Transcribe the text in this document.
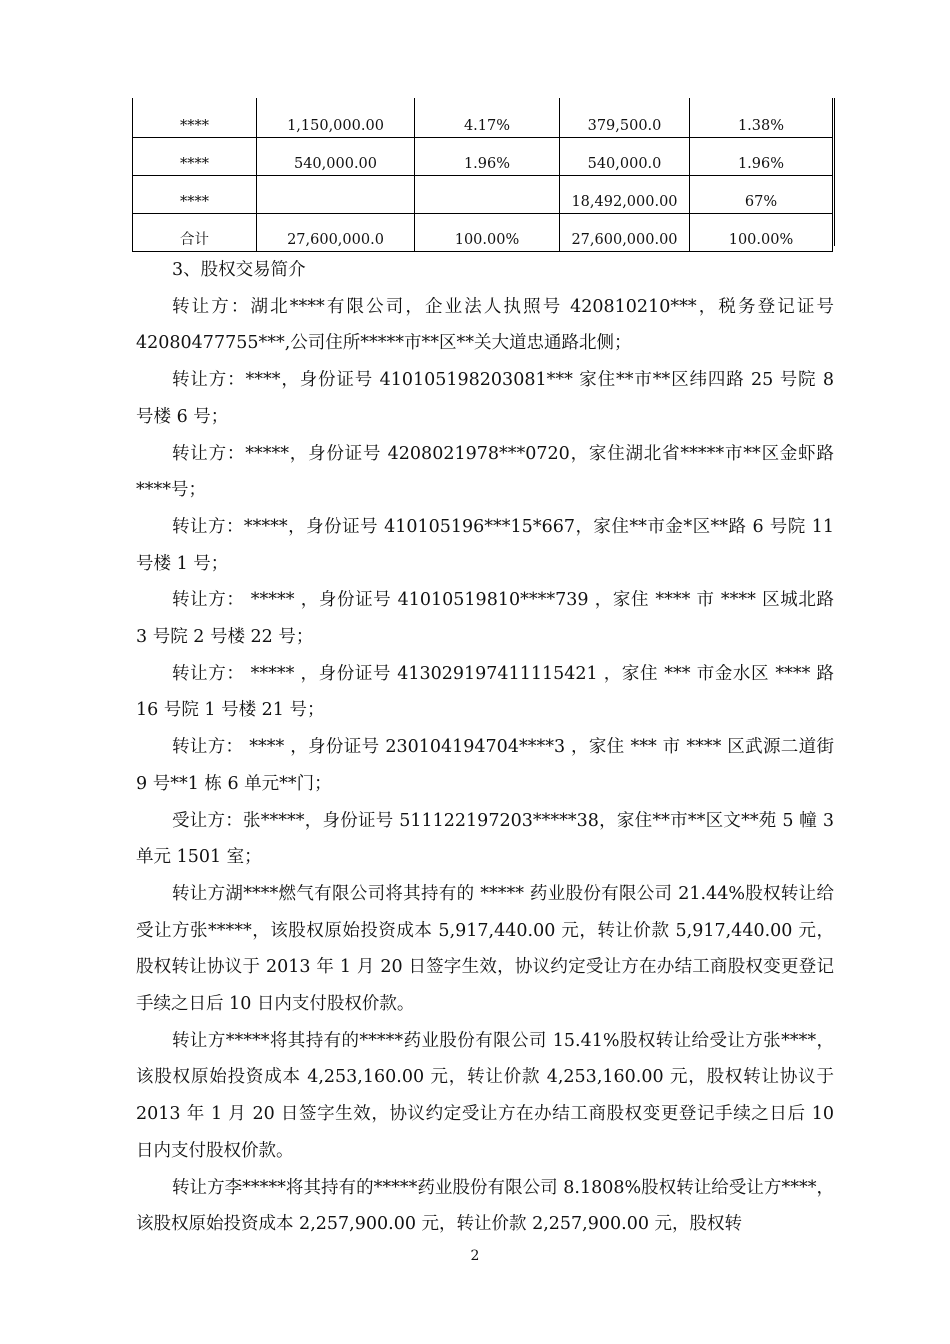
****	1,150,000.00	4.17%	379,500.0	1.38%
****	540,000.00	1.96%	540,000.0	1.96%
****			18,492,000.00	67%
合计	27,600,000.0	100.00%	27,600,000.00	100.00%

3、股权交易简介

转让方：湖北****有限公司，企业法人执照号 420810210***，税务登记证号 42080477755***,公司住所*****市**区**关大道忠通路北侧；

转让方：****，身份证号 410105198203081*** 家住**市**区纬四路 25 号院 8 号楼 6 号；

转让方：*****，身份证号 4208021978***0720，家住湖北省*****市**区金虾路****号；

转让方：*****，身份证号 410105196***15*667，家住**市金*区**路 6 号院 11 号楼 1 号；

转让方： ***** ，身份证号 41010519810****739 ，家住 **** 市 **** 区城北路 3 号院 2 号楼 22 号；

转让方： ***** ，身份证号 413029197411115421 ，家住 *** 市金水区 **** 路 16 号院 1 号楼 21 号；

转让方： **** ，身份证号 230104194704****3 ，家住 *** 市 **** 区武源二道街 9 号**1 栋 6 单元**门；

受让方：张*****，身份证号 511122197203*****38，家住**市**区文**苑 5 幢 3 单元 1501 室；

转让方湖****燃气有限公司将其持有的 ***** 药业股份有限公司 21.44%股权转让给受让方张*****，该股权原始投资成本 5,917,440.00 元，转让价款 5,917,440.00 元，股权转让协议于 2013 年 1 月 20 日签字生效，协议约定受让方在办结工商股权变更登记手续之日后 10 日内支付股权价款。

转让方*****将其持有的*****药业股份有限公司 15.41%股权转让给受让方张****，该股权原始投资成本 4,253,160.00 元，转让价款 4,253,160.00 元，股权转让协议于 2013 年 1 月 20 日签字生效，协议约定受让方在办结工商股权变更登记手续之日后 10 日内支付股权价款。

转让方李*****将其持有的*****药业股份有限公司 8.1808%股权转让给受让方****，该股权原始投资成本 2,257,900.00 元，转让价款 2,257,900.00 元，股权转

2
